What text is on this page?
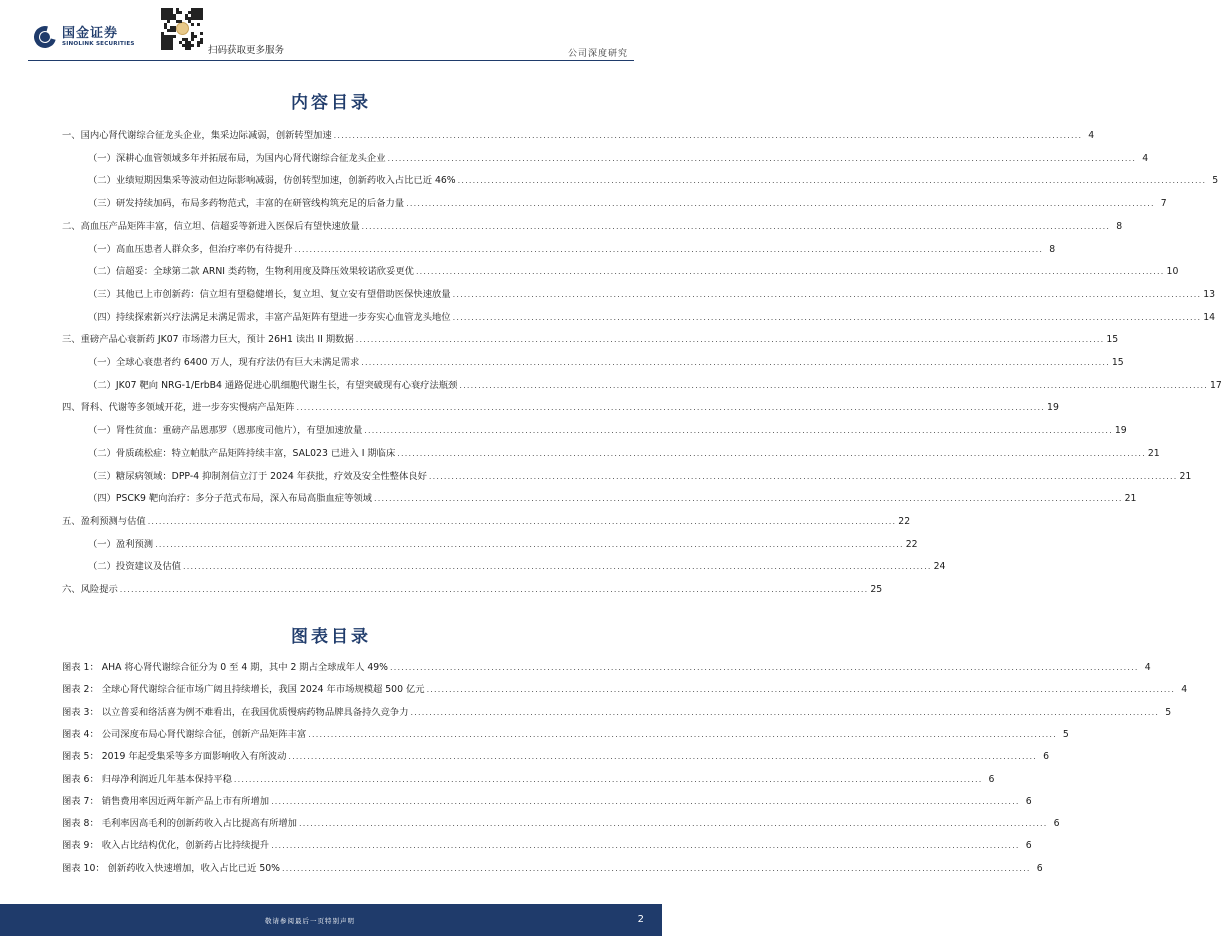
国金证券
SINOLINK SECURITIES
扫码获取更多服务	公司深度研究
内容目录
一、国内心肾代谢综合征龙头企业，集采边际减弱，创新转型加速 ........................................................................................................................................................................................................ 4
（一）深耕心血管领域多年并拓展布局，为国内心肾代谢综合征龙头企业 ........................................................................................................................................................................................................ 4
（二）业绩短期因集采等波动但边际影响减弱，仿创转型加速，创新药收入占比已近 46% ........................................................................................................................................................................................................ 5
（三）研发持续加码，布局多药物范式，丰富的在研管线构筑充足的后备力量 ........................................................................................................................................................................................................ 7
二、高血压产品矩阵丰富，信立坦、信超妥等新进入医保后有望快速放量 ........................................................................................................................................................................................................ 8
（一）高血压患者人群众多，但治疗率仍有待提升 ........................................................................................................................................................................................................ 8
（二）信超妥：全球第二款 ARNI 类药物，生物利用度及降压效果较诺欣妥更优 ........................................................................................................................................................................................................ 10
（三）其他已上市创新药：信立坦有望稳健增长，复立坦、复立安有望借助医保快速放量 ........................................................................................................................................................................................................ 13
（四）持续探索新兴疗法满足未满足需求，丰富产品矩阵有望进一步夯实心血管龙头地位 ........................................................................................................................................................................................................ 14
三、重磅产品心衰新药 JK07 市场潜力巨大，预计 26H1 读出 II 期数据 ........................................................................................................................................................................................................ 15
（一）全球心衰患者约 6400 万人，现有疗法仍有巨大未满足需求 ........................................................................................................................................................................................................ 15
（二）JK07 靶向 NRG-1/ErbB4 通路促进心肌细胞代谢生长，有望突破现有心衰疗法瓶颈 ........................................................................................................................................................................................................ 17
四、肾科、代谢等多领域开花，进一步夯实慢病产品矩阵 ........................................................................................................................................................................................................ 19
（一）肾性贫血：重磅产品恩那罗（恩那度司他片），有望加速放量 ........................................................................................................................................................................................................ 19
（二）骨质疏松症：特立帕肽产品矩阵持续丰富，SAL023 已进入 I 期临床 ........................................................................................................................................................................................................ 21
（三）糖尿病领域：DPP-4 抑制剂信立汀于 2024 年获批，疗效及安全性整体良好 ........................................................................................................................................................................................................ 21
（四）PSCK9 靶向治疗：多分子范式布局，深入布局高脂血症等领域 ........................................................................................................................................................................................................ 21
五、盈利预测与估值 ........................................................................................................................................................................................................ 22
（一）盈利预测 ........................................................................................................................................................................................................ 22
（二）投资建议及估值 ........................................................................................................................................................................................................ 24
六、风险提示 ........................................................................................................................................................................................................ 25
图表目录
图表 1： AHA 将心肾代谢综合征分为 0 至 4 期，其中 2 期占全球成年人 49% ........................................................................................................................................................................................................ 4
图表 2： 全球心肾代谢综合征市场广阔且持续增长，我国 2024 年市场规模超 500 亿元 ........................................................................................................................................................................................................ 4
图表 3： 以立普妥和络活喜为例不难看出，在我国优质慢病药物品牌具备持久竞争力 ........................................................................................................................................................................................................ 5
图表 4： 公司深度布局心肾代谢综合征，创新产品矩阵丰富 ........................................................................................................................................................................................................ 5
图表 5： 2019 年起受集采等多方面影响收入有所波动 ........................................................................................................................................................................................................ 6
图表 6： 归母净利润近几年基本保持平稳 ........................................................................................................................................................................................................ 6
图表 7： 销售费用率因近两年新产品上市有所增加 ........................................................................................................................................................................................................ 6
图表 8： 毛利率因高毛利的创新药收入占比提高有所增加 ........................................................................................................................................................................................................ 6
图表 9： 收入占比结构优化，创新药占比持续提升 ........................................................................................................................................................................................................ 6
图表 10： 创新药收入快速增加，收入占比已近 50% ........................................................................................................................................................................................................ 6
敬请参阅最后一页特别声明	2
